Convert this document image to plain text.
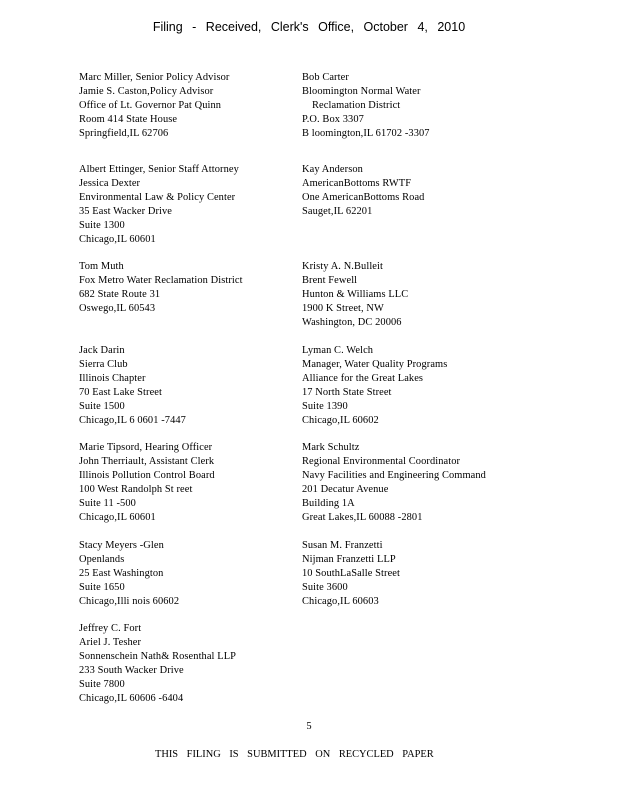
Filing - Received, Clerk's Office, October 4, 2010
Marc Miller, Senior Policy Advisor
Jamie S. Caston,Policy Advisor
Office of Lt. Governor Pat Quinn
Room 414 State House
Springfield,IL 62706
Albert Ettinger, Senior Staff Attorney
Jessica Dexter
Environmental Law & Policy Center
35 East Wacker Drive
Suite 1300
Chicago,IL 60601
Tom Muth
Fox Metro Water Reclamation District
682 State Route 31
Oswego,IL 60543
Jack Darin
Sierra Club
Illinois Chapter
70 East Lake Street
Suite 1500
Chicago,IL 6 0601 -7447
Marie Tipsord, Hearing Officer
John Therriault, Assistant Clerk
Illinois Pollution Control Board
100 West Randolph St reet
Suite 11 -500
Chicago,IL 60601
Stacy Meyers -Glen
Openlands
25 East Washington
Suite 1650
Chicago,Illi nois 60602
Jeffrey C. Fort
Ariel J. Tesher
Sonnenschein Nath& Rosenthal LLP
233 South Wacker Drive
Suite 7800
Chicago,IL 60606 -6404
Bob Carter
Bloomington Normal Water
Reclamation District
P.O. Box 3307
B loomington,IL 61702 -3307
Kay Anderson
AmericanBottoms RWTF
One AmericanBottoms Road
Sauget,IL 62201
Kristy A. N.Bulleit
Brent Fewell
Hunton & Williams LLC
1900 K Street, NW
Washington, DC 20006
Lyman C. Welch
Manager, Water Quality Programs
Alliance for the Great Lakes
17 North State Street
Suite 1390
Chicago,IL 60602
Mark Schultz
Regional Environmental Coordinator
Navy Facilities and Engineering Command
201 Decatur Avenue
Building 1A
Great Lakes,IL 60088 -2801
Susan M. Franzetti
Nijman Franzetti LLP
10 SouthLaSalle Street
Suite 3600
Chicago,IL 60603
5
THIS FILING IS SUBMITTED ON RECYCLED PAPER
